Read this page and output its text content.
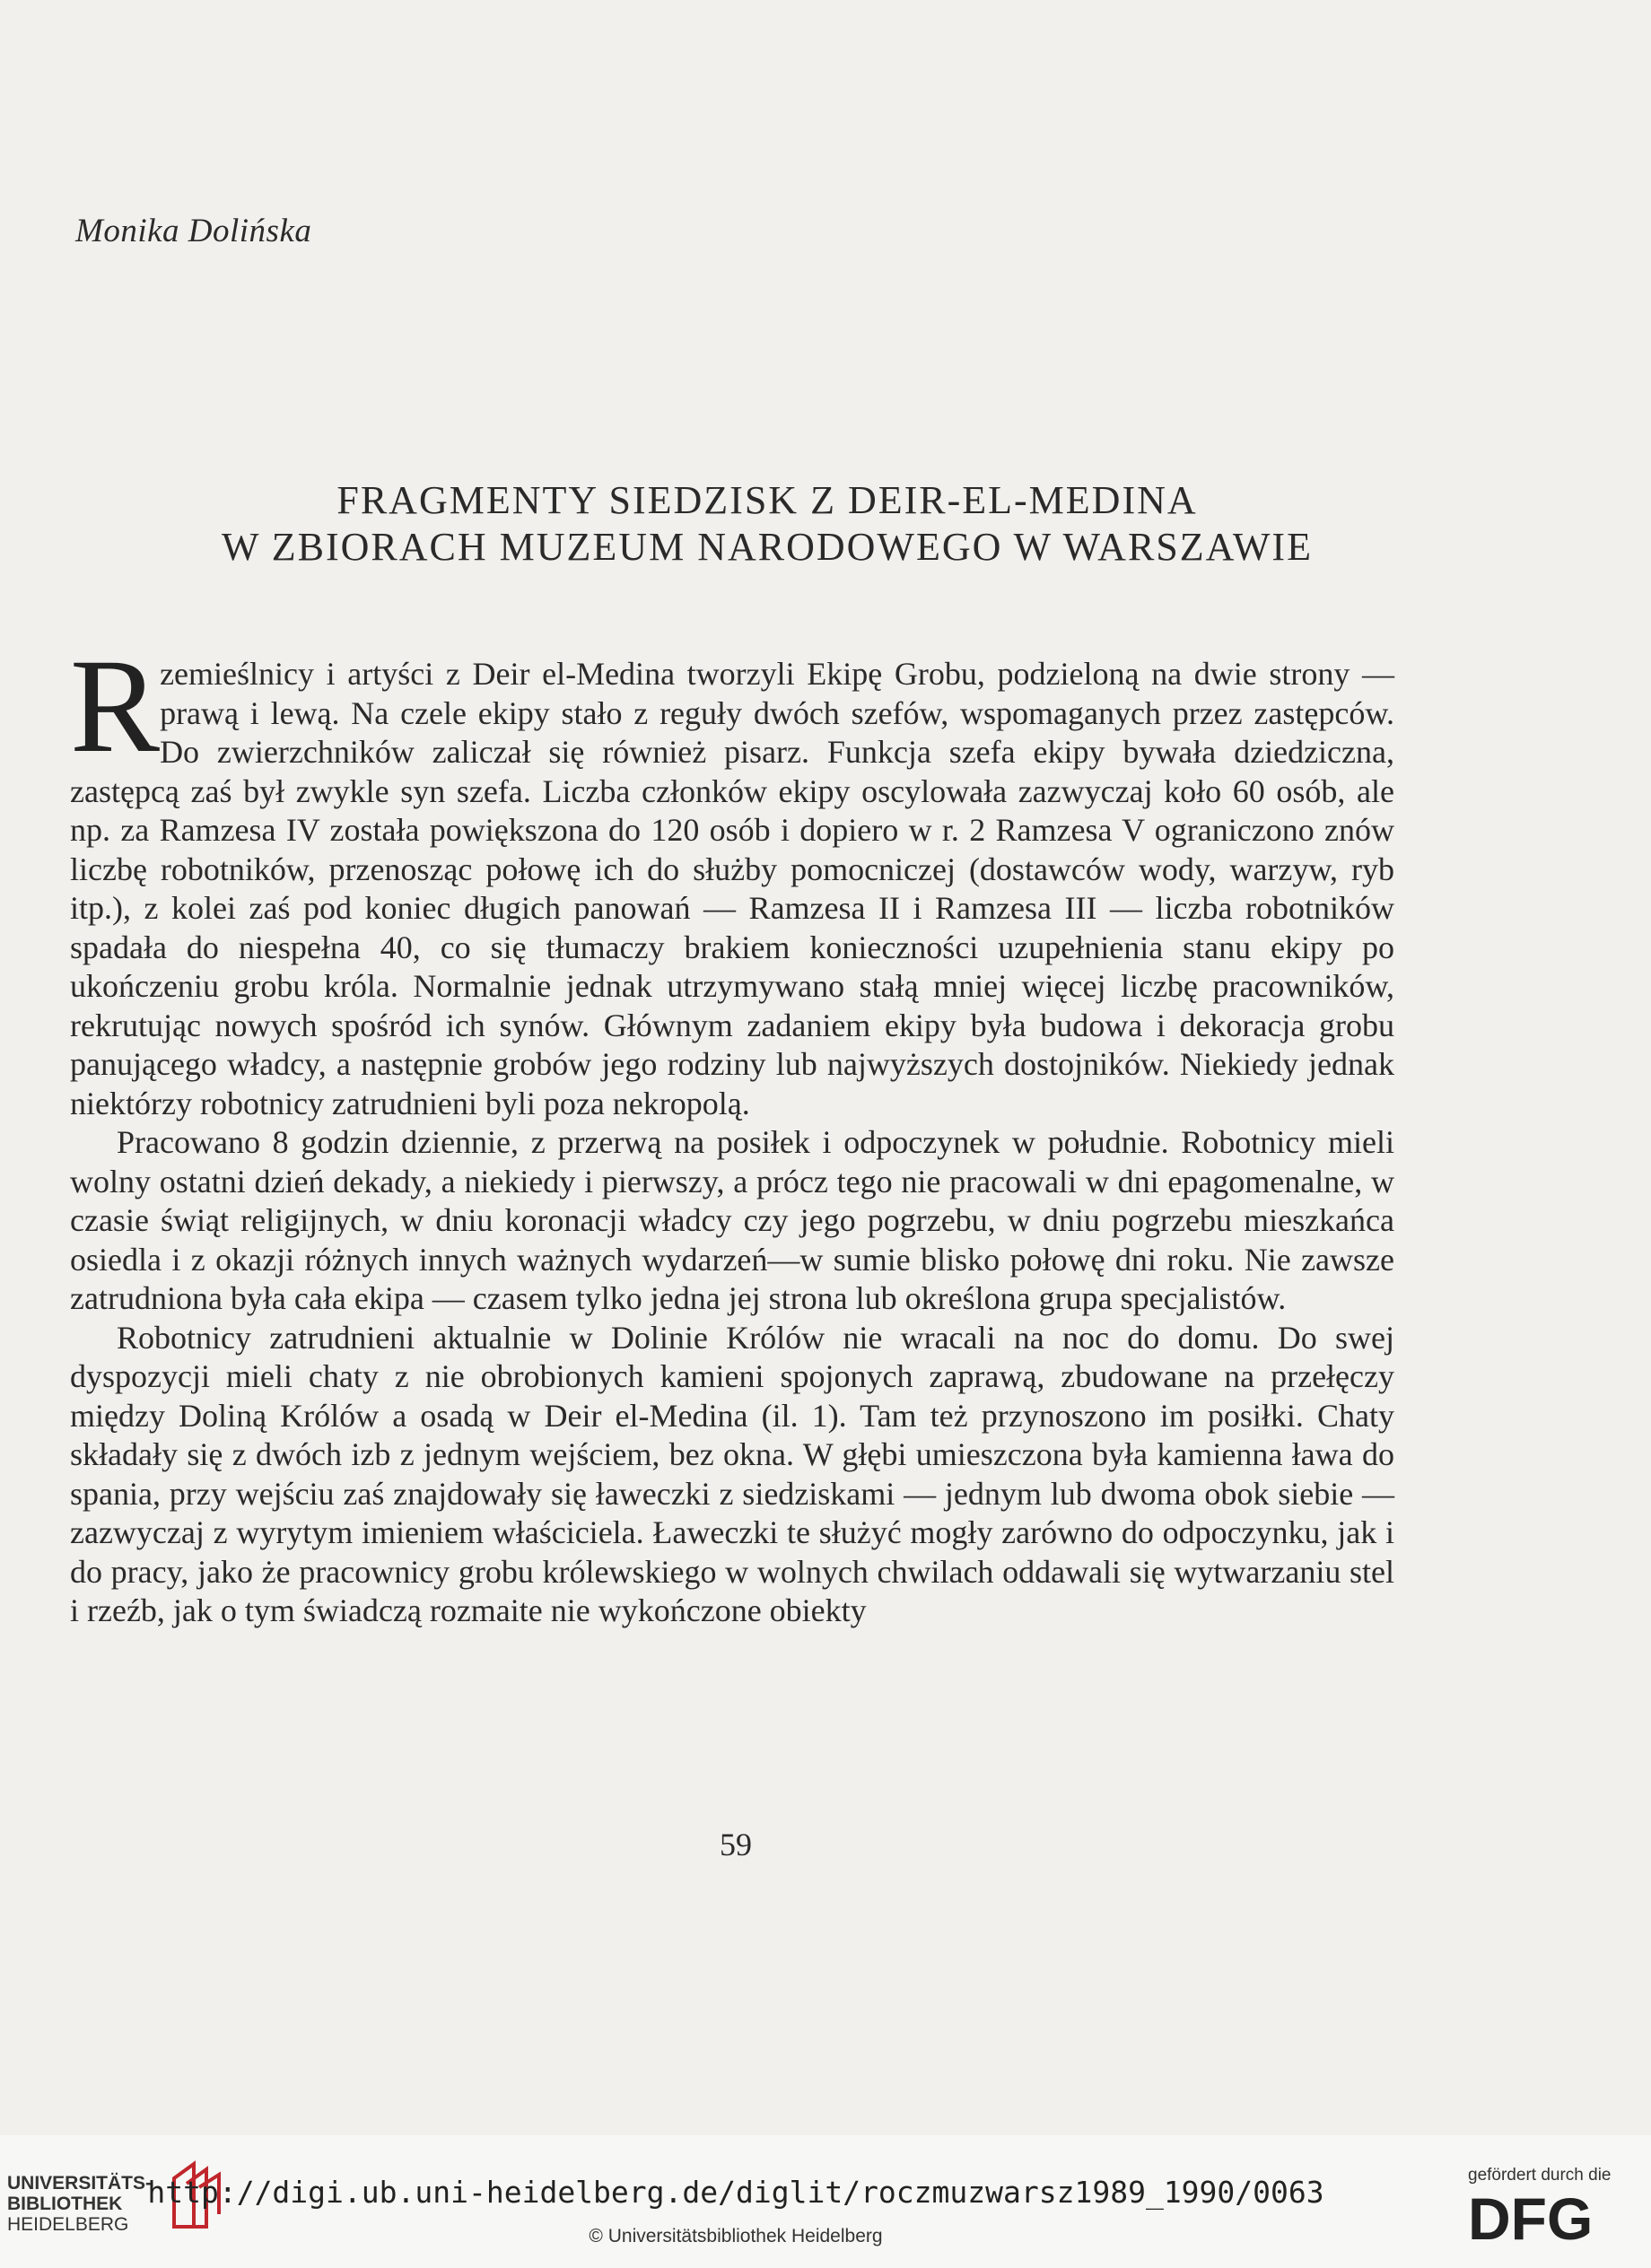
Monika Dolińska
FRAGMENTY SIEDZISK Z DEIR-EL-MEDINA
W ZBIORACH MUZEUM NARODOWEGO W WARSZAWIE

Rzemieślnicy i artyści z Deir el-Medina tworzyli Ekipę Grobu, podzieloną na dwie strony — prawą i lewą. Na czele ekipy stało z reguły dwóch szefów, wspomaganych przez zastępców. Do zwierzchników zaliczał się również pisarz. Funkcja szefa ekipy bywała dziedziczna, zastępcą zaś był zwykle syn szefa. Liczba członków ekipy oscylowała zazwyczaj koło 60 osób, ale np. za Ramzesa IV została powiększona do 120 osób i dopiero w r. 2 Ramzesa V ograniczono znów liczbę robotników, przenosząc połowę ich do służby pomocniczej (dostawców wody, warzyw, ryb itp.), z kolei zaś pod koniec długich panowań — Ramzesa II i Ramzesa III — liczba robotników spadała do niespełna 40, co się tłumaczy brakiem konieczności uzupełnienia stanu ekipy po ukończeniu grobu króla. Normalnie jednak utrzymywano stałą mniej więcej liczbę pracowników, rekrutując nowych spośród ich synów. Głównym zadaniem ekipy była budowa i dekoracja grobu panującego władcy, a następnie grobów jego rodziny lub najwyższych dostojników. Niekiedy jednak niektórzy robotnicy zatrudnieni byli poza nekropolą.

Pracowano 8 godzin dziennie, z przerwą na posiłek i odpoczynek w południe. Robotnicy mieli wolny ostatni dzień dekady, a niekiedy i pierwszy, a prócz tego nie pracowali w dni epagomenalne, w czasie świąt religijnych, w dniu koronacji władcy czy jego pogrzebu, w dniu pogrzebu mieszkańca osiedla i z okazji różnych innych ważnych wydarzeń—w sumie blisko połowę dni roku. Nie zawsze zatrudniona była cała ekipa — czasem tylko jedna jej strona lub określona grupa specjalistów.

Robotnicy zatrudnieni aktualnie w Dolinie Królów nie wracali na noc do domu. Do swej dyspozycji mieli chaty z nie obrobionych kamieni spojonych zaprawą, zbudowane na przełęczy między Doliną Królów a osadą w Deir el-Medina (il. 1). Tam też przynoszono im posiłki. Chaty składały się z dwóch izb z jednym wejściem, bez okna. W głębi umieszczona była kamienna ława do spania, przy wejściu zaś znajdowały się ławeczki z siedziskami — jednym lub dwoma obok siebie — zazwyczaj z wyrytym imieniem właściciela. Ławeczki te służyć mogły zarówno do odpoczynku, jak i do pracy, jako że pracownicy grobu królewskiego w wolnych chwilach oddawali się wytwarzaniu stel i rzeźb, jak o tym świadczą rozmaite nie wykończone obiekty

59
UNIVERSITÄTS-
BIBLIOTHEK
HEIDELBERG
http://digi.ub.uni-heidelberg.de/diglit/roczmuzwarsz1989_1990/0063
© Universitätsbibliothek Heidelberg
gefördert durch die
DFG
